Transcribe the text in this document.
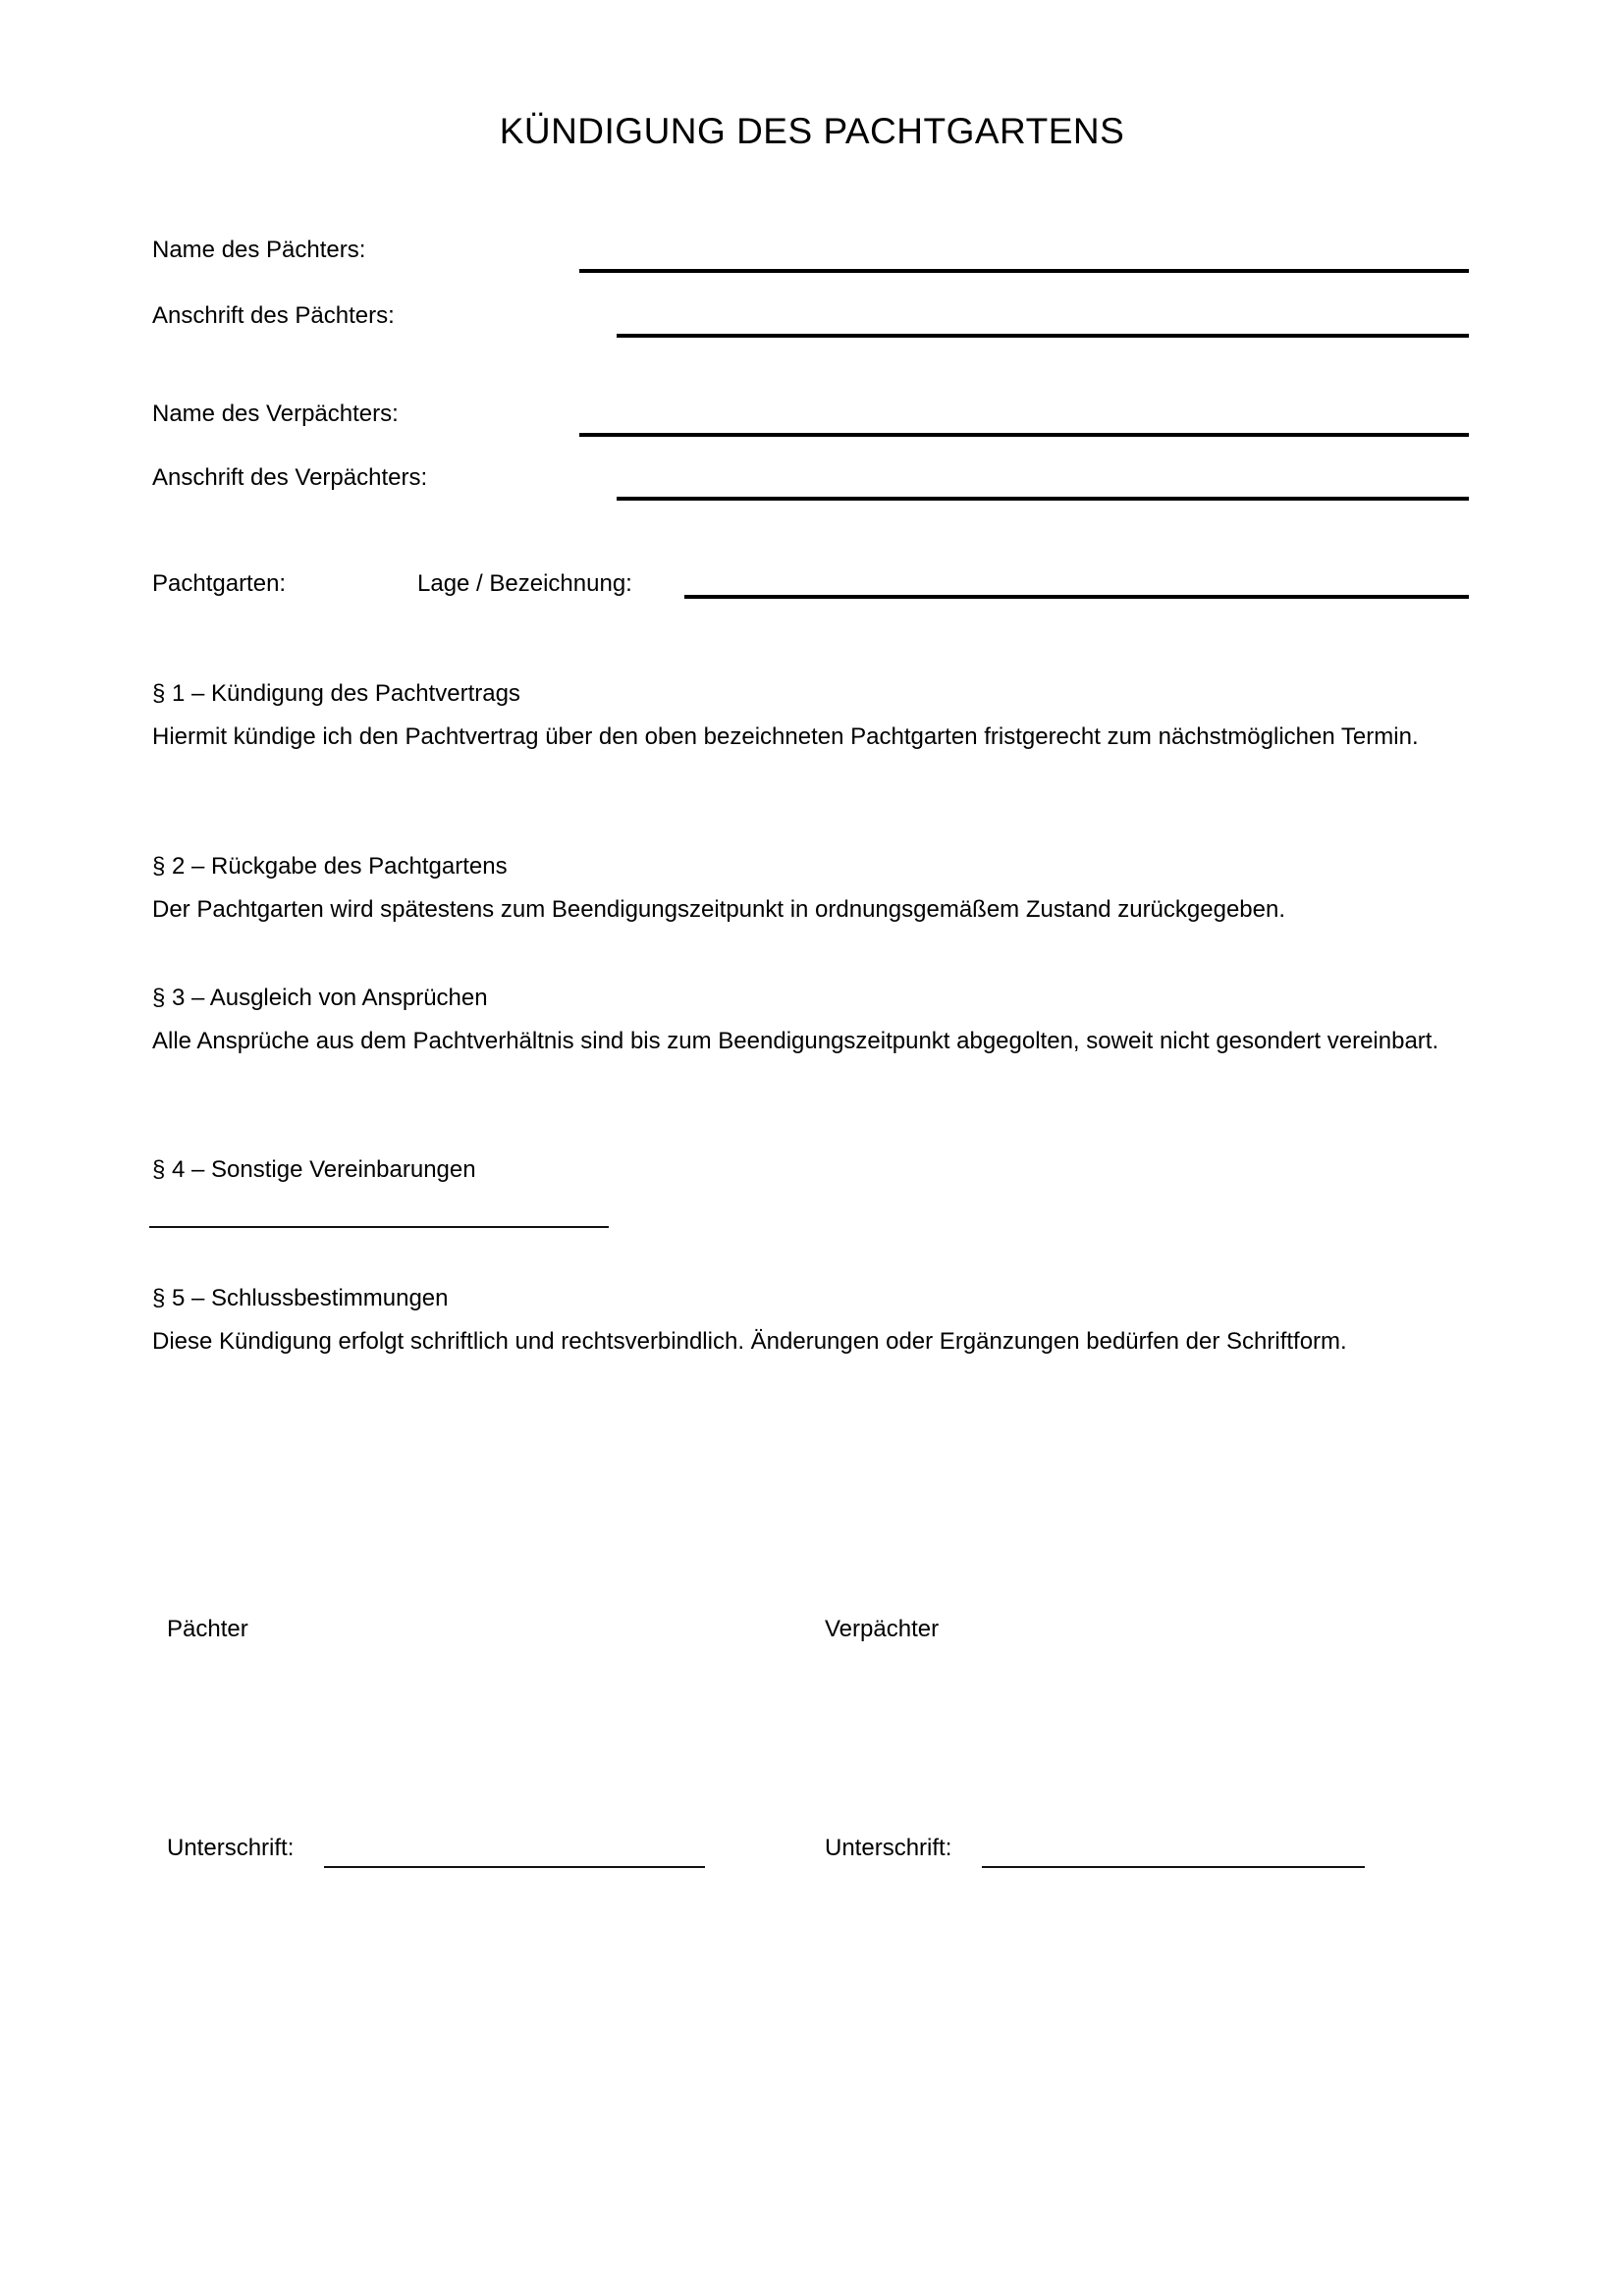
KÜNDIGUNG DES PACHTGARTENS
Name des Pächters:
Anschrift des Pächters:
Name des Verpächters:
Anschrift des Verpächters:
Pachtgarten:	Lage / Bezeichnung:

§ 1 – Kündigung des Pachtvertrags

Hiermit kündige ich den Pachtvertrag über den oben bezeichneten Pachtgarten fristgerecht zum nächstmöglichen Termin.

§ 2 – Rückgabe des Pachtgartens

Der Pachtgarten wird spätestens zum Beendigungszeitpunkt in ordnungsgemäßem Zustand zurückgegeben.

§ 3 – Ausgleich von Ansprüchen

Alle Ansprüche aus dem Pachtverhältnis sind bis zum Beendigungszeitpunkt abgegolten, soweit nicht gesondert vereinbart.

§ 4 – Sonstige Vereinbarungen

§ 5 – Schlussbestimmungen

Diese Kündigung erfolgt schriftlich und rechtsverbindlich. Änderungen oder Ergänzungen bedürfen der Schriftform.

Pächter	Verpächter
Unterschrift:	Unterschrift:
